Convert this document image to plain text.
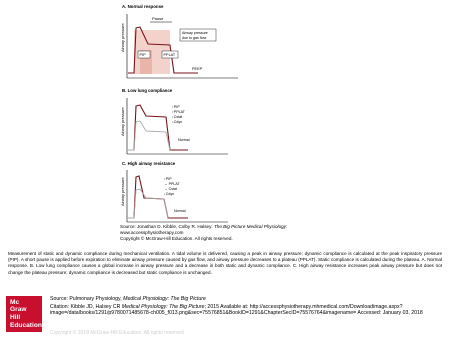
A. Normal response
Airway pressure
Pause
Airway pressure
due to gas flow
PIP	PPLAT
PEEP
B. Low lung compliance
Airway pressure
↑PIP
↑PPLAT
↓Cstat
↓Cdyn
Normal
C. High airway resistance
Airway pressure	↑PIP
↔ PPLAT
↔ Cstat
↓Cdyn
Normal
Source: Jonathan D. Kibble, Colby R. Halsey: The Big Picture Medical Physiology:
www.accessphysiotherapy.com
Copyright © McGraw-Hill Education. All rights reserved.
Measurement of static and dynamic compliance during mechanical ventilation. A tidal volume is delivered, causing a peak in airway pressure; dynamic compliance is calculated at the peak inspiratory pressure (PIP). A short pause is applied before expiration to eliminate airway pressure caused by gas flow, and airway pressure decreases to a plateau (PPLAT). Static compliance is calculated during the plateau. A. Normal response. B. Low lung compliance causes a global increase in airway pressure and a decrease in both static and dynamic compliance. C. High airway resistance increases peak airway pressure but does not change the plateau pressure; dynamic compliance is decreased but static compliance is unchanged.
Mc
Graw
Hill
Education
Source: Pulmonary Physiology, Medical Physiology: The Big Picture
Citation: Kibble JD, Halsey CR Medical Physiology: The Big Picture; 2015 Available at: http://accessphysiotherapy.mhmedical.com/Downloadimage.aspx?image=/data/books/1291/p9780071485678-ch005_f013.png&sec=75576851&BookID=1291&ChapterSecID=75576764&imagename= Accessed: January 03, 2018
Copyright © 2018 McGraw-Hill Education. All rights reserved
